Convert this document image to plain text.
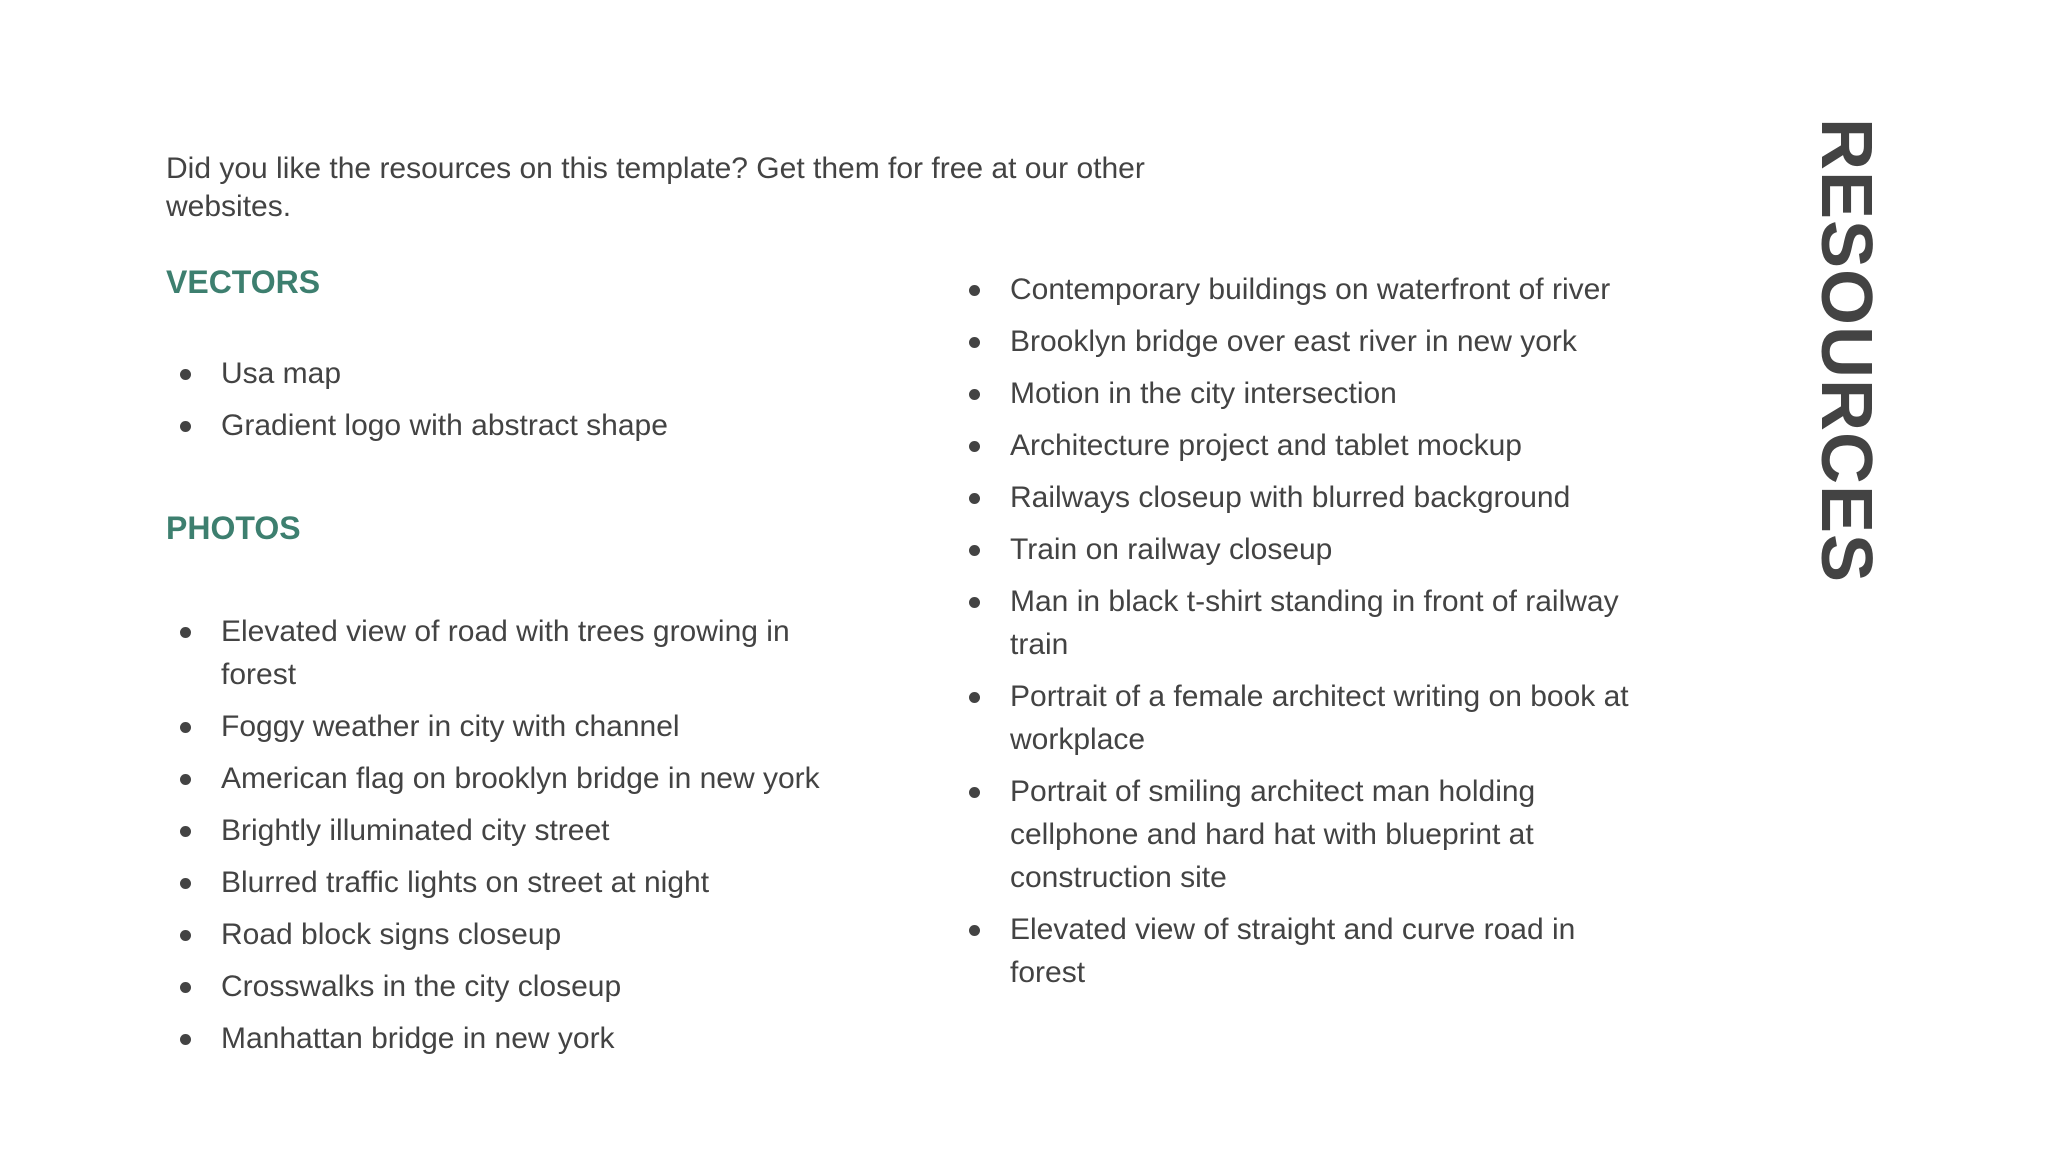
Did you like the resources on this template? Get them for free at our other websites.

VECTORS
Usa map
Gradient logo with abstract shape
PHOTOS
Elevated view of road with trees growing in forest
Foggy weather in city with channel
American flag on brooklyn bridge in new york
Brightly illuminated city street
Blurred traffic lights on street at night
Road block signs closeup
Crosswalks in the city closeup
Manhattan bridge in new york
Contemporary buildings on waterfront of river
Brooklyn bridge over east river in new york
Motion in the city intersection
Architecture project and tablet mockup
Railways closeup with blurred background
Train on railway closeup
Man in black t-shirt standing in front of railway train
Portrait of a female architect writing on book at workplace
Portrait of smiling architect man holding cellphone and hard hat with blueprint at construction site
Elevated view of straight and curve road in forest
RESOURCES
